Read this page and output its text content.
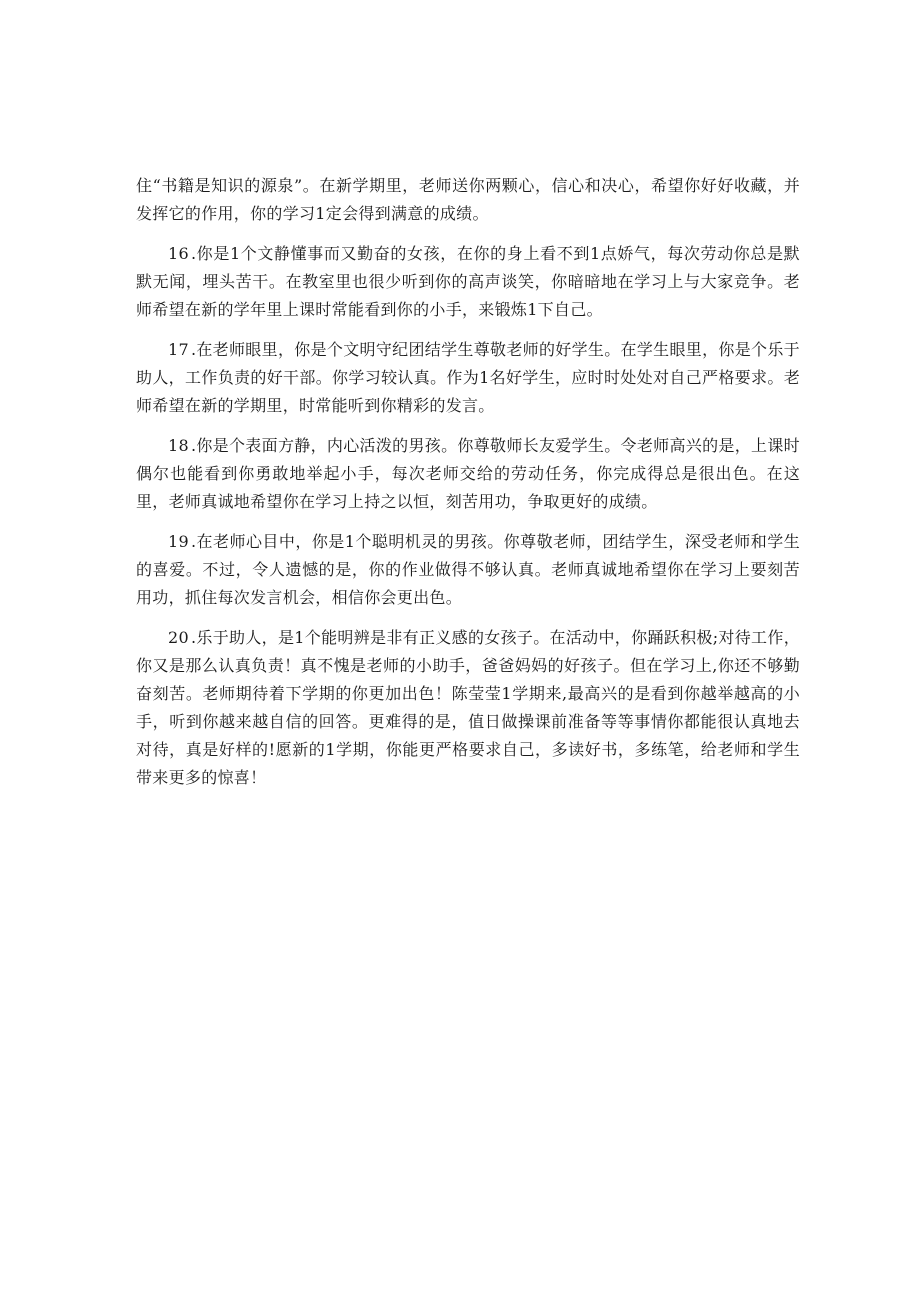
住“书籍是知识的源泉”。在新学期里，老师送你两颗心，信心和决心，希望你好好收藏，并发挥它的作用，你的学习1定会得到满意的成绩。

16 .你是1个文静懂事而又勤奋的女孩，在你的身上看不到1点娇气，每次劳动你总是默默无闻，埋头苦干。在教室里也很少听到你的高声谈笑，你暗暗地在学习上与大家竞争。老师希望在新的学年里上课时常能看到你的小手，来锻炼1下自己。

17 .在老师眼里，你是个文明守纪团结学生尊敬老师的好学生。在学生眼里，你是个乐于助人，工作负责的好干部。你学习较认真。作为1名好学生，应时时处处对自己严格要求。老师希望在新的学期里，时常能听到你精彩的发言。

18 .你是个表面方静，内心活泼的男孩。你尊敬师长友爱学生。令老师高兴的是，上课时偶尔也能看到你勇敢地举起小手，每次老师交给的劳动任务，你完成得总是很出色。在这里，老师真诚地希望你在学习上持之以恒，刻苦用功，争取更好的成绩。

19 .在老师心目中，你是1个聪明机灵的男孩。你尊敬老师，团结学生，深受老师和学生的喜爱。不过，令人遗憾的是，你的作业做得不够认真。老师真诚地希望你在学习上要刻苦用功，抓住每次发言机会，相信你会更出色。

20 .乐于助人，是1个能明辨是非有正义感的女孩子。在活动中，你踊跃积极;对待工作，你又是那么认真负责！真不愧是老师的小助手，爸爸妈妈的好孩子。但在学习上,你还不够勤奋刻苦。老师期待着下学期的你更加出色！陈莹莹1学期来,最高兴的是看到你越举越高的小手，听到你越来越自信的回答。更难得的是，值日做操课前准备等等事情你都能很认真地去对待，真是好样的!愿新的1学期，你能更严格要求自己，多读好书，多练笔，给老师和学生带来更多的惊喜！
